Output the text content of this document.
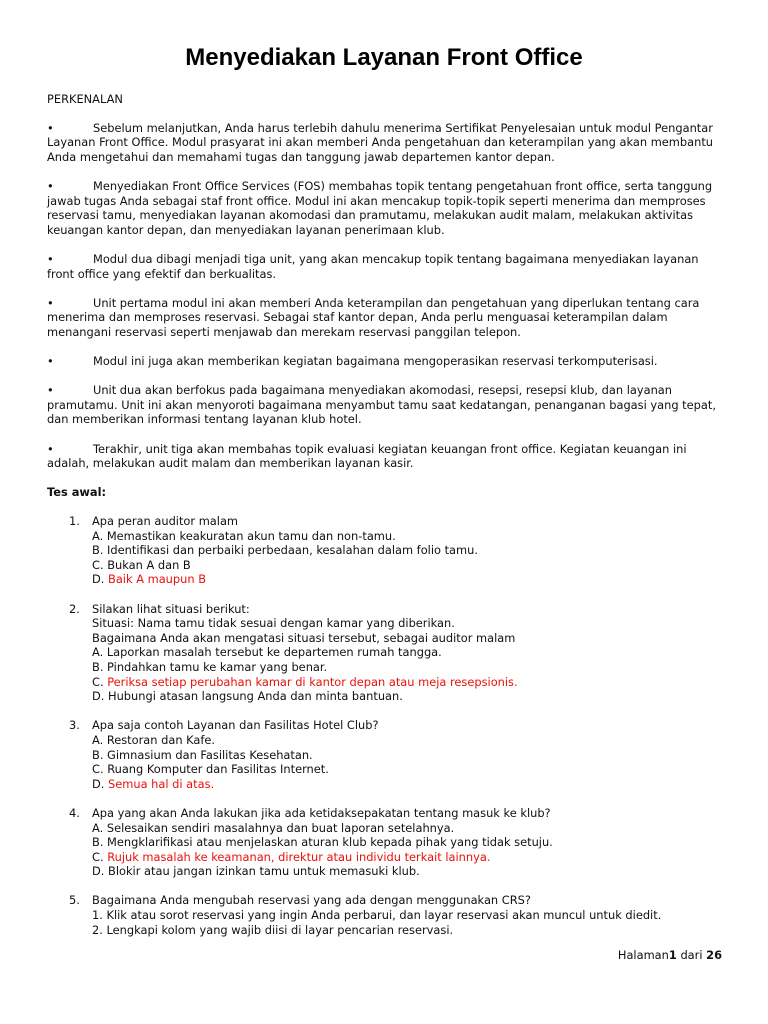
Menyediakan Layanan Front Office
PERKENALAN
•	Sebelum melanjutkan, Anda harus terlebih dahulu menerima Sertifikat Penyelesaian untuk modul Pengantar Layanan Front Office. Modul prasyarat ini akan memberi Anda pengetahuan dan keterampilan yang akan membantu Anda mengetahui dan memahami tugas dan tanggung jawab departemen kantor depan.
•	Menyediakan Front Office Services (FOS) membahas topik tentang pengetahuan front office, serta tanggung jawab tugas Anda sebagai staf front office. Modul ini akan mencakup topik-topik seperti menerima dan memproses reservasi tamu, menyediakan layanan akomodasi dan pramutamu, melakukan audit malam, melakukan aktivitas keuangan kantor depan, dan menyediakan layanan penerimaan klub.
•	Modul dua dibagi menjadi tiga unit, yang akan mencakup topik tentang bagaimana menyediakan layanan front office yang efektif dan berkualitas.
•	Unit pertama modul ini akan memberi Anda keterampilan dan pengetahuan yang diperlukan tentang cara menerima dan memproses reservasi. Sebagai staf kantor depan, Anda perlu menguasai keterampilan dalam menangani reservasi seperti menjawab dan merekam reservasi panggilan telepon.
•	Modul ini juga akan memberikan kegiatan bagaimana mengoperasikan reservasi terkomputerisasi.
•	Unit dua akan berfokus pada bagaimana menyediakan akomodasi, resepsi, resepsi klub, dan layanan pramutamu. Unit ini akan menyoroti bagaimana menyambut tamu saat kedatangan, penanganan bagasi yang tepat, dan memberikan informasi tentang layanan klub hotel.
•	Terakhir, unit tiga akan membahas topik evaluasi kegiatan keuangan front office. Kegiatan keuangan ini adalah, melakukan audit malam dan memberikan layanan kasir.
Tes awal:
1. Apa peran auditor malam
A. Memastikan keakuratan akun tamu dan non-tamu.
B. Identifikasi dan perbaiki perbedaan, kesalahan dalam folio tamu.
C. Bukan A dan B
D. Baik A maupun B
2. Silakan lihat situasi berikut:
Situasi: Nama tamu tidak sesuai dengan kamar yang diberikan.
Bagaimana Anda akan mengatasi situasi tersebut, sebagai auditor malam
A. Laporkan masalah tersebut ke departemen rumah tangga.
B. Pindahkan tamu ke kamar yang benar.
C. Periksa setiap perubahan kamar di kantor depan atau meja resepsionis.
D. Hubungi atasan langsung Anda dan minta bantuan.
3. Apa saja contoh Layanan dan Fasilitas Hotel Club?
A. Restoran dan Kafe.
B. Gimnasium dan Fasilitas Kesehatan.
C. Ruang Komputer dan Fasilitas Internet.
D. Semua hal di atas.
4. Apa yang akan Anda lakukan jika ada ketidaksepakatan tentang masuk ke klub?
A. Selesaikan sendiri masalahnya dan buat laporan setelahnya.
B. Mengklarifikasi atau menjelaskan aturan klub kepada pihak yang tidak setuju.
C. Rujuk masalah ke keamanan, direktur atau individu terkait lainnya.
D. Blokir atau jangan izinkan tamu untuk memasuki klub.
5. Bagaimana Anda mengubah reservasi yang ada dengan menggunakan CRS?
1. Klik atau sorot reservasi yang ingin Anda perbarui, dan layar reservasi akan muncul untuk diedit.
2. Lengkapi kolom yang wajib diisi di layar pencarian reservasi.
Halaman1 dari 26
